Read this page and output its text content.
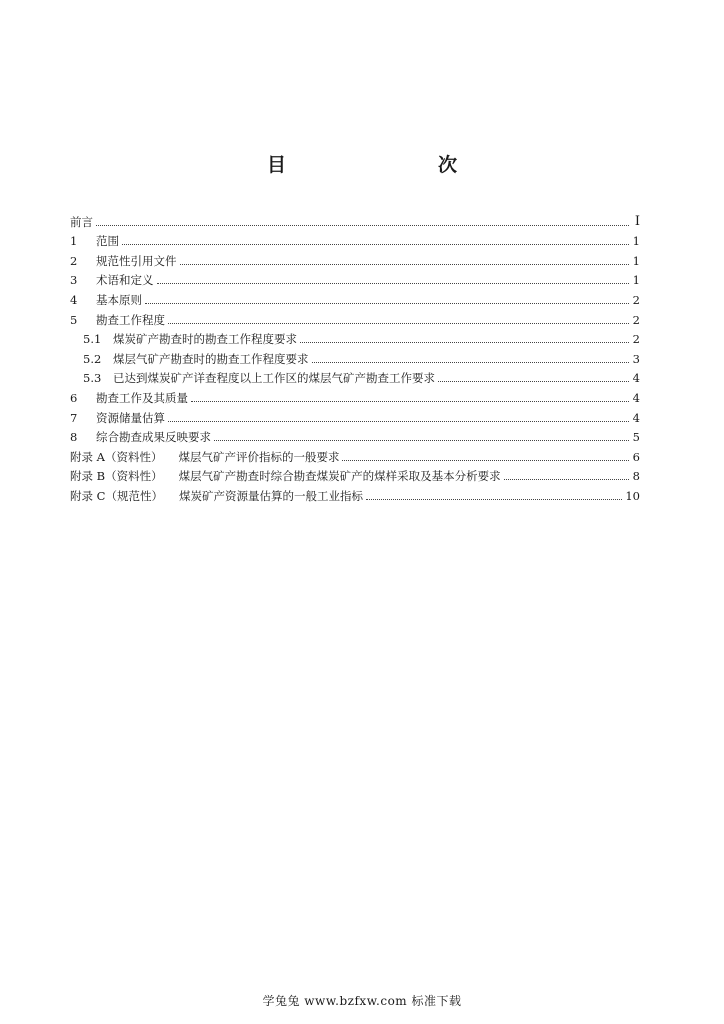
目　　次
前言	Ⅰ
1	范围	1
2	规范性引用文件	1
3	术语和定义	1
4	基本原则	2
5	勘查工作程度	2
5.1	煤炭矿产勘查时的勘查工作程度要求	2
5.2	煤层气矿产勘查时的勘查工作程度要求	3
5.3	已达到煤炭矿产详查程度以上工作区的煤层气矿产勘查工作要求	4
6	勘查工作及其质量	4
7	资源储量估算	4
8	综合勘查成果反映要求	5
附录 A（资料性） 煤层气矿产评价指标的一般要求	6
附录 B（资料性） 煤层气矿产勘查时综合勘查煤炭矿产的煤样采取及基本分析要求	8
附录 C（规范性） 煤炭矿产资源量估算的一般工业指标	10
学兔兔 www.bzfxw.com 标准下载
